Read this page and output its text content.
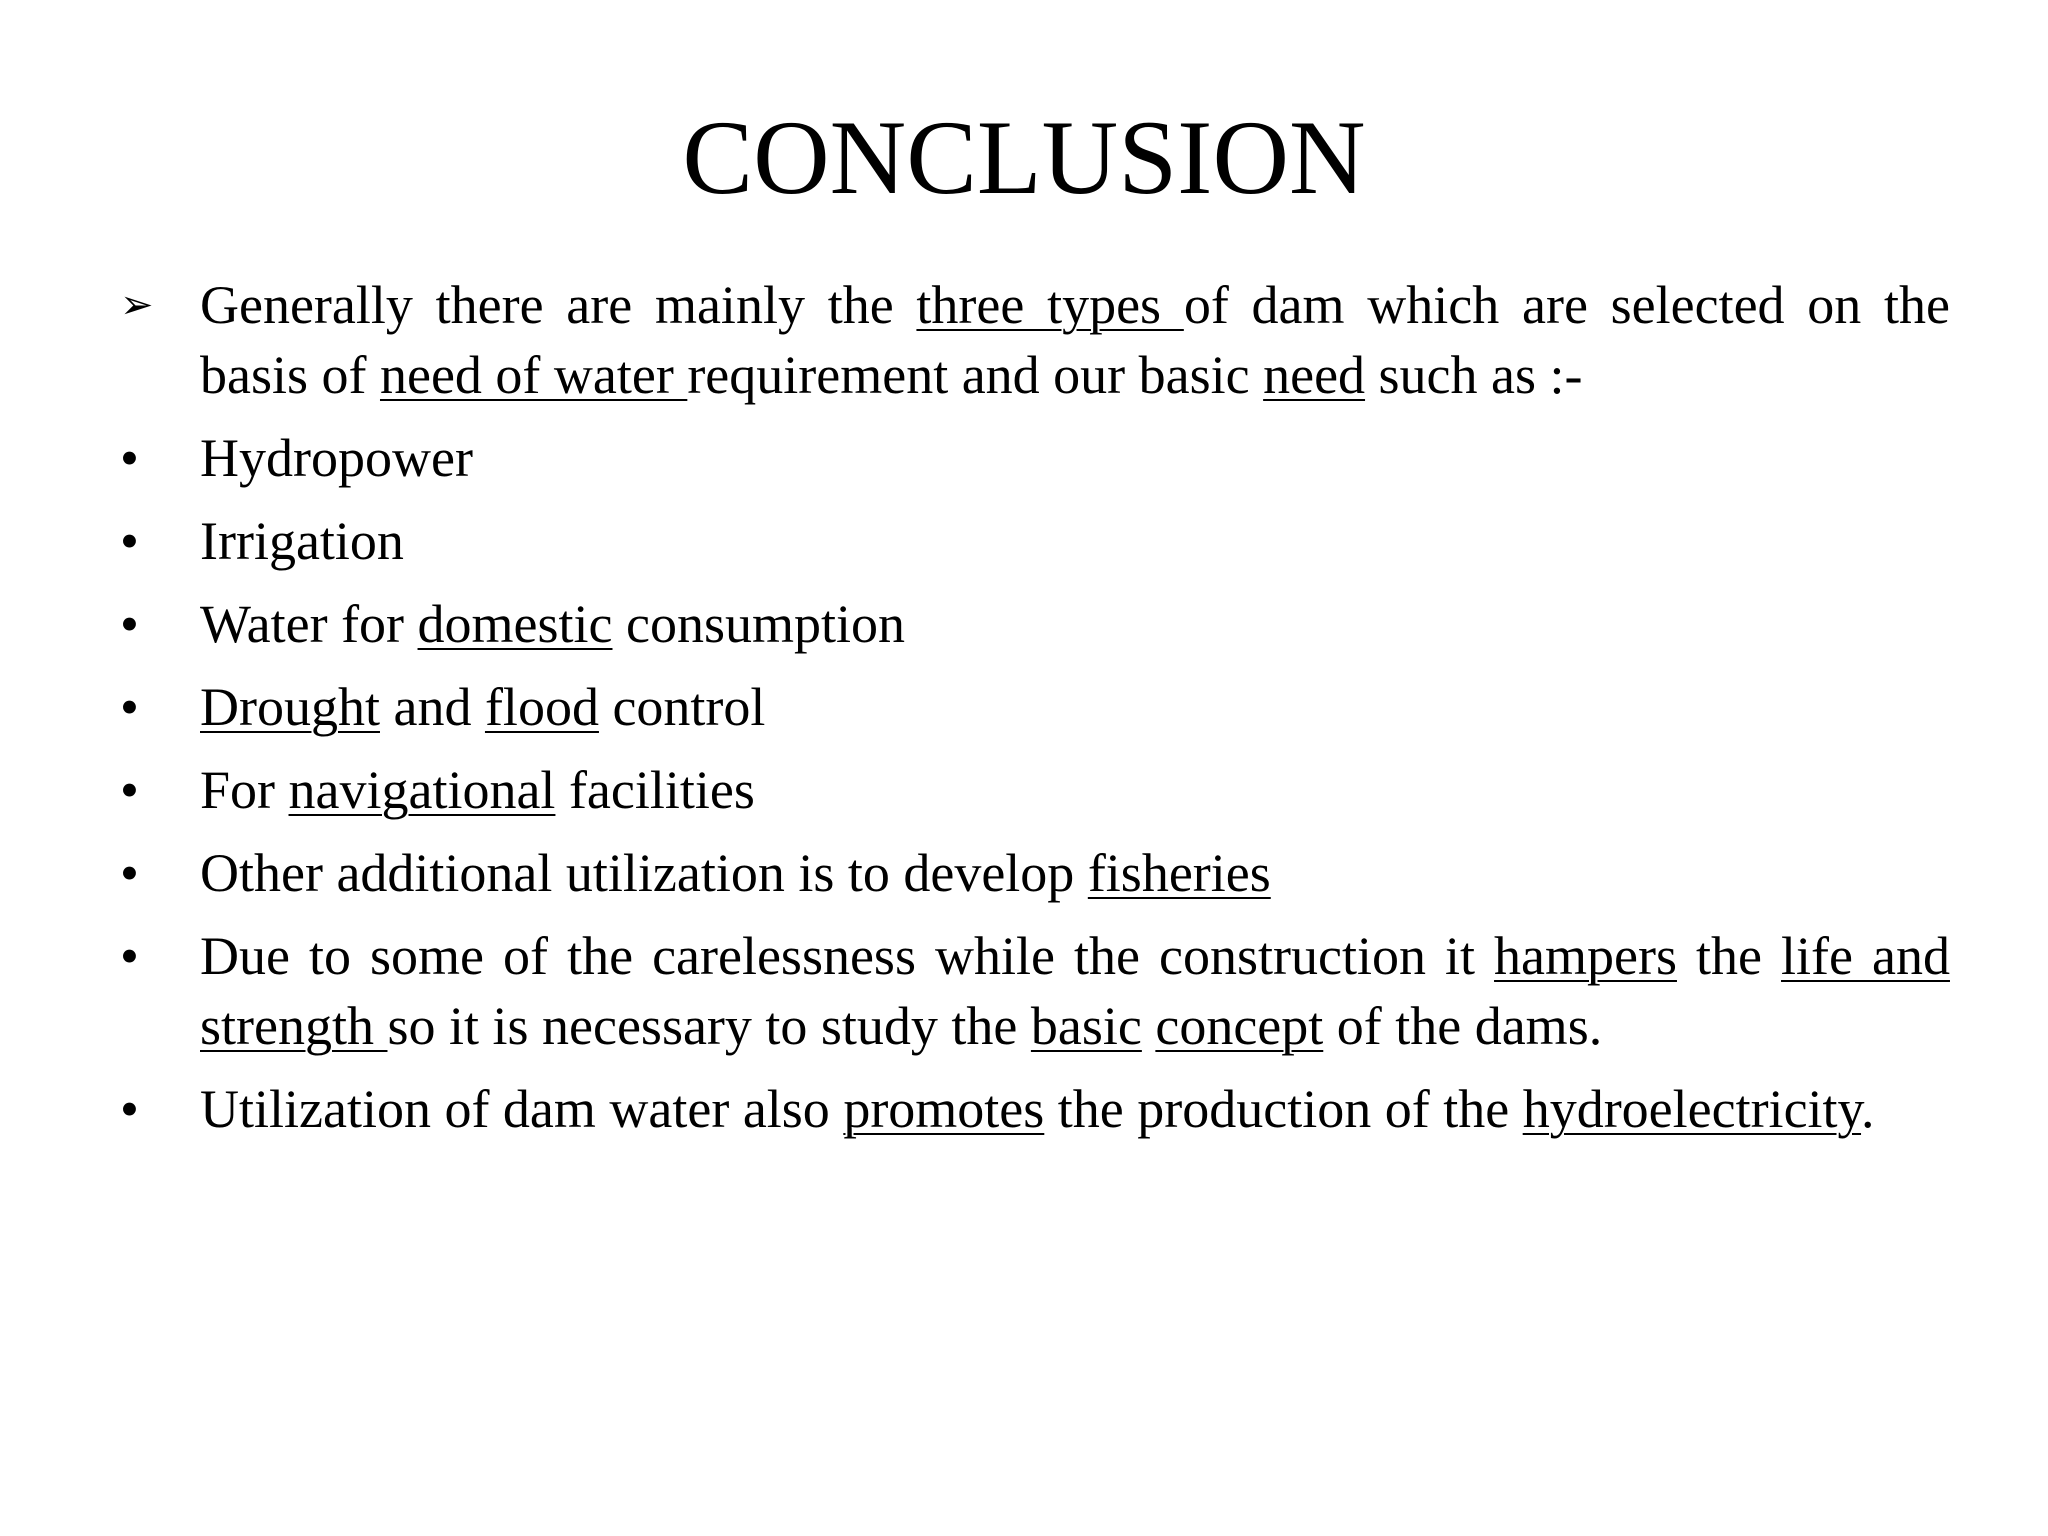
CONCLUSION

➢ Generally there are mainly the three types of dam which are selected on the basis of need of water requirement and our basic need such as :-

•	Hydropower

•	Irrigation

•	Water for domestic consumption

•	Drought and flood control

•	For navigational facilities

•	Other additional utilization is to develop fisheries

•	Due to some of the carelessness while the construction it hampers the life and strength so it is necessary to study the basic concept of the dams.

•	Utilization of dam water also promotes the production of the hydroelectricity.
